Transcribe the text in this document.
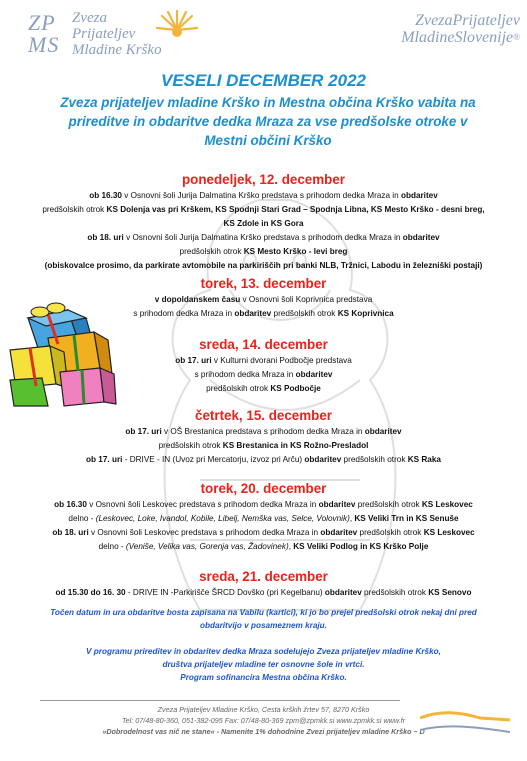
ZP
MS
Zveza
Prijateljev
Mladine Krško
ZvezaPrijateljev
MladineSlovenije®
VESELI DECEMBER 2022
Zveza prijateljev mladine Krško in Mestna občina Krško vabita na prireditve in obdaritve dedka Mraza za vse predšolske otroke v Mestni občini Krško
ponedeljek, 12. december
ob 16.30 v Osnovni šoli Jurija Dalmatina Krško predstava s prihodom dedka Mraza in obdaritev
predšolskih otrok KS Dolenja vas pri Krškem, KS Spodnji Stari Grad – Spodnja Libna, KS Mesto Krško - desni breg,
KS Zdole in KS Gora
ob 18. uri v Osnovni šoli Jurija Dalmatina Krško predstava s prihodom dedka Mraza in obdaritev
predšolskih otrok KS Mesto Krško - levi breg
(obiskovalce prosimo, da parkirate avtomobile na parkiriščih pri banki NLB, Tržnici, Labodu in železniški postaji)
torek, 13. december
v dopoldanskem času v Osnovni šoli Koprivnica predstava
s prihodom dedka Mraza in obdaritev predšolskih otrok KS Koprivnica
sreda, 14. december
ob 17. uri v Kulturni dvorani Podbočje predstava
s prihodom dedka Mraza in obdaritev
predšolskih otrok KS Podbočje
četrtek, 15. december
ob 17. uri v OŠ Brestanica predstava s prihodom dedka Mraza in obdaritev
predšolskih otrok KS Brestanica in KS Rožno-Presladol
ob 17. uri - DRIVE - IN (Uvoz pri Mercatorju, izvoz pri Arču) obdaritev predšolskih otrok KS Raka
torek, 20. december
ob 16.30 v Osnovni šoli Leskovec predstava s prihodom dedka Mraza in obdaritev predšolskih otrok KS Leskovec
delno - (Leskovec, Loke, Ivandol, Kobile, Libelj, Nemška vas, Selce, Volovnik), KS Veliki Trn in KS Senuše
ob 18. uri v Osnovni šoli Leskovec predstava s prihodom dedka Mraza in obdaritev predšolskih otrok KS Leskovec
delno - (Veniše, Velika vas, Gorenja vas, Žadovinek), KS Veliki Podlog in KS Krško Polje
sreda, 21. december
od 15.30 do 16. 30 - DRIVE IN -Parkirišče ŠRCD Dovško (pri Kegelbanu) obdaritev predšolskih otrok KS Senovo
Točen datum in ura obdaritve bosta zapisana na Vabilu (kartici), ki jo bo prejel predšolski otrok nekaj dni pred
obdaritvijo v posameznem kraju.
V programu prireditev in obdaritev dedka Mraza sodelujejo Zveza prijateljev mladine Krško,
društva prijateljev mladine ter osnovne šole in vrtci.
Program sofinancira Mestna občina Krško.
Zveza Prijateljev Mladine Krško, Cesta krških žrtev 57, 8270 Krško
Tel: 07/48-80-360, 051-382-095 Fax: 07/48-80-369 zpm@zpmkk.si www.zpmkk.si www.fr
»Dobrodelnost vas nič ne stane« - Namenite 1% dohodnine Zvezi prijateljev mladine Krško – D
